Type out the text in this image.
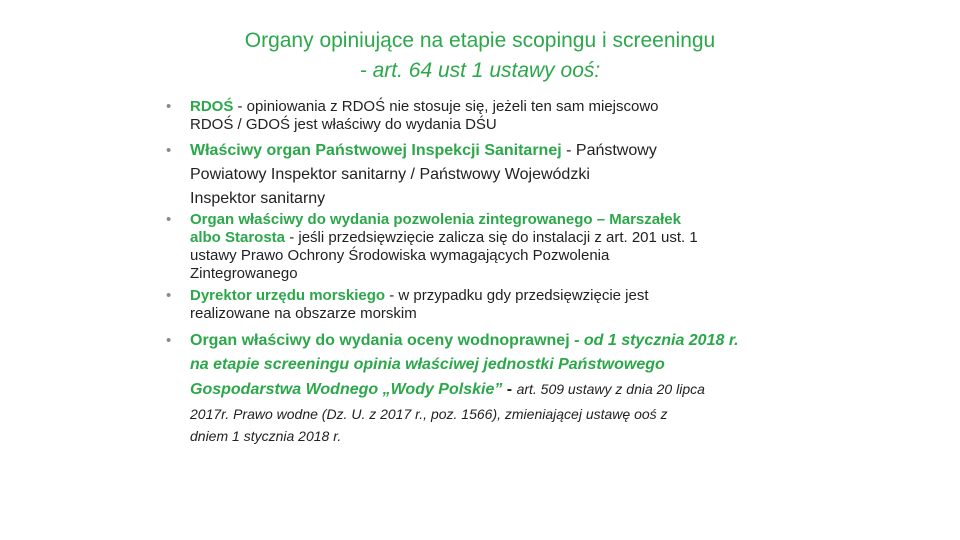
Organy opiniujące na etapie scopingu i screeningu
- art. 64 ust 1 ustawy ooś:
• RDOŚ - opiniowania z RDOŚ nie stosuje się, jeżeli ten sam miejscowo
RDOŚ / GDOŚ jest właściwy do wydania DŚU
• Właściwy organ Państwowej Inspekcji Sanitarnej - Państwowy
Powiatowy Inspektor sanitarny / Państwowy Wojewódzki
Inspektor sanitarny
• Organ właściwy do wydania pozwolenia zintegrowanego – Marszałek
albo Starosta - jeśli przedsięwzięcie zalicza się do instalacji z art. 201 ust. 1
ustawy Prawo Ochrony Środowiska wymagających Pozwolenia
Zintegrowanego
• Dyrektor urzędu morskiego - w przypadku gdy przedsięwzięcie jest
realizowane na obszarze morskim
• Organ właściwy do wydania oceny wodnoprawnej - od 1 stycznia 2018 r.
na etapie screeningu opinia właściwej jednostki Państwowego
Gospodarstwa Wodnego „Wody Polskie” - art. 509 ustawy z dnia 20 lipca
2017r. Prawo wodne (Dz. U. z 2017 r., poz. 1566), zmieniającej ustawę ooś z
dniem 1 stycznia 2018 r.
